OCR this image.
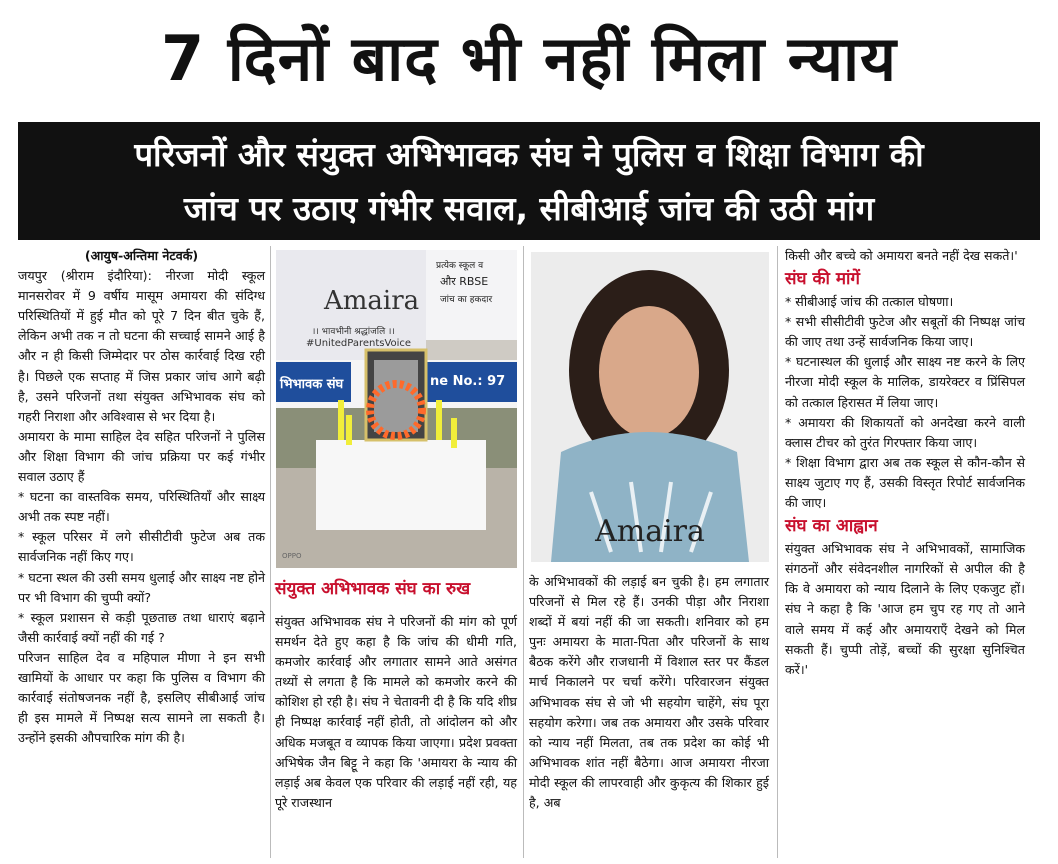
7 दिनों बाद भी नहीं मिला न्याय
परिजनों और संयुक्त अभिभावक संघ ने पुलिस व शिक्षा विभाग की
जांच पर उठाए गंभीर सवाल, सीबीआई जांच की उठी मांग

(आयुष-अन्तिमा नेटवर्क)

जयपुर (श्रीराम इंदौरिया): नीरजा मोदी स्कूल मानसरोवर में 9 वर्षीय मासूम अमायरा की संदिग्ध परिस्थितियों में हुई मौत को पूरे 7 दिन बीत चुके हैं, लेकिन अभी तक न तो घटना की सच्चाई सामने आई है और न ही किसी जिम्मेदार पर ठोस कार्रवाई दिख रही है। पिछले एक सप्ताह में जिस प्रकार जांच आगे बढ़ी है, उसने परिजनों तथा संयुक्त अभिभावक संघ को गहरी निराशा और अविश्वास से भर दिया है।

अमायरा के मामा साहिल देव सहित परिजनों ने पुलिस और शिक्षा विभाग की जांच प्रक्रिया पर कई गंभीर सवाल उठाए हैं

* घटना का वास्तविक समय, परिस्थितियाँ और साक्ष्य अभी तक स्पष्ट नहीं।

* स्कूल परिसर में लगे सीसीटीवी फुटेज अब तक सार्वजनिक नहीं किए गए।

* घटना स्थल की उसी समय धुलाई और साक्ष्य नष्ट होने पर भी विभाग की चुप्पी क्यों?

* स्कूल प्रशासन से कड़ी पूछताछ तथा धाराएं बढ़ाने जैसी कार्रवाई क्यों नहीं की गई ?

परिजन साहिल देव व महिपाल मीणा ने इन सभी खामियों के आधार पर कहा कि पुलिस व विभाग की कार्रवाई संतोषजनक नहीं है, इसलिए सीबीआई जांच ही इस मामले में निष्पक्ष सत्य सामने ला सकती है। उन्होंने इसकी औपचारिक मांग की है।

Amaira
।। भावभीनी श्रद्धांजलि ।।
#UnitedParentsVoice
भिभावक संघ	ne No.: 97
प्रत्येक स्कूल व
और RBSE
जांच का हकदार
OPPO
Amaira
संयुक्त अभिभावक संघ का रुख

संयुक्त अभिभावक संघ ने परिजनों की मांग को पूर्ण समर्थन देते हुए कहा है कि जांच की धीमी गति, कमजोर कार्रवाई और लगातार सामने आते असंगत तथ्यों से लगता है कि मामले को कमजोर करने की कोशिश हो रही है। संघ ने चेतावनी दी है कि यदि शीघ्र ही निष्पक्ष कार्रवाई नहीं होती, तो आंदोलन को और अधिक मजबूत व व्यापक किया जाएगा। प्रदेश प्रवक्ता अभिषेक जैन बिट्टू ने कहा कि 'अमायरा के न्याय की लड़ाई अब केवल एक परिवार की लड़ाई नहीं रही, यह पूरे राजस्थान

के अभिभावकों की लड़ाई बन चुकी है। हम लगातार परिजनों से मिल रहे हैं। उनकी पीड़ा और निराशा शब्दों में बयां नहीं की जा सकती। शनिवार को हम पुनः अमायरा के माता-पिता और परिजनों के साथ बैठक करेंगे और राजधानी में विशाल स्तर पर कैंडल मार्च निकालने पर चर्चा करेंगे। परिवारजन संयुक्त अभिभावक संघ से जो भी सहयोग चाहेंगे, संघ पूरा सहयोग करेगा। जब तक अमायरा और उसके परिवार को न्याय नहीं मिलता, तब तक प्रदेश का कोई भी अभिभावक शांत नहीं बैठेगा। आज अमायरा नीरजा मोदी स्कूल की लापरवाही और कुकृत्य की शिकार हुई है, अब

किसी और बच्चे को अमायरा बनते नहीं देख सकते।'

संघ की मांगें

* सीबीआई जांच की तत्काल घोषणा।

* सभी सीसीटीवी फुटेज और सबूतों की निष्पक्ष जांच की जाए तथा उन्हें सार्वजनिक किया जाए।

* घटनास्थल की धुलाई और साक्ष्य नष्ट करने के लिए नीरजा मोदी स्कूल के मालिक, डायरेक्टर व प्रिंसिपल को तत्काल हिरासत में लिया जाए।

* अमायरा की शिकायतों को अनदेखा करने वाली क्लास टीचर को तुरंत गिरफ्तार किया जाए।

* शिक्षा विभाग द्वारा अब तक स्कूल से कौन-कौन से साक्ष्य जुटाए गए हैं, उसकी विस्तृत रिपोर्ट सार्वजनिक की जाए।

संघ का आह्वान

संयुक्त अभिभावक संघ ने अभिभावकों, सामाजिक संगठनों और संवेदनशील नागरिकों से अपील की है कि वे अमायरा को न्याय दिलाने के लिए एकजुट हों। संघ ने कहा है कि 'आज हम चुप रह गए तो आने वाले समय में कई और अमायराएँ देखने को मिल सकती हैं। चुप्पी तोड़ें, बच्चों की सुरक्षा सुनिश्चित करें।'
